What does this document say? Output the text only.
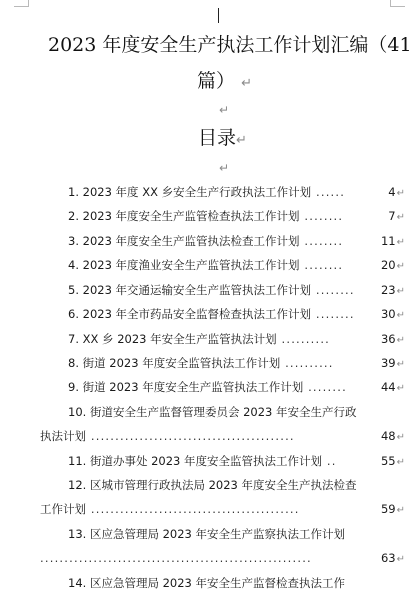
2023 年度安全生产执法工作计划汇编（41
篇） ↵
↵
目录↵
↵
1. 2023 年度 XX 乡安全生产行政执法工作计划 ......	4↵
2. 2023 年度安全生产监管检查执法工作计划 ........	7↵
3. 2023 年度安全生产监管执法检查工作计划 ........	11↵
4. 2023 年度渔业安全生产监管执法工作计划 ........	20↵
5. 2023 年交通运输安全生产监管执法工作计划 ........ 23↵
6. 2023 年全市药品安全监督检查执法工作计划 ........ 30↵
7. XX 乡 2023 年安全生产监管执法计划 ..........	36↵
8. 街道 2023 年度安全监管执法工作计划 ..........	39↵
9. 街道 2023 年度安全生产监管执法工作计划 ........	44↵
10. 街道安全生产监督管理委员会 2023 年安全生产行政
执法计划 ..........................................	48↵
11. 街道办事处 2023 年度安全监管执法工作计划 ..	55↵
12. 区城市管理行政执法局 2023 年度安全生产执法检查
工作计划 ...........................................	59↵
13. 区应急管理局 2023 年安全生产监察执法工作计划
........................................................	63↵
14. 区应急管理局 2023 年安全生产监督检查执法工作
